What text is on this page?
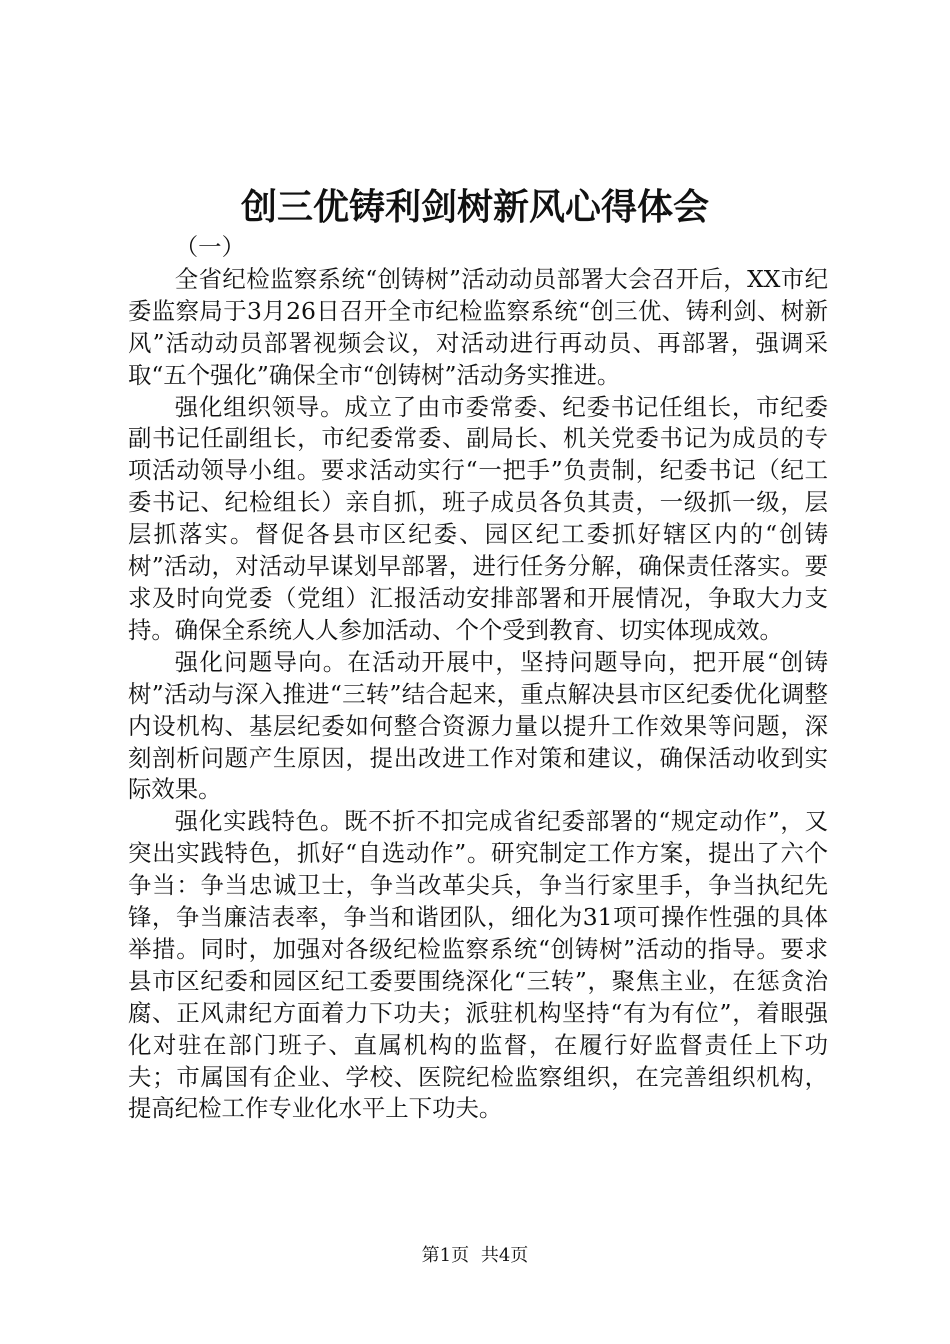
创三优铸利剑树新风心得体会

（一）

全省纪检监察系统“创铸树”活动动员部署大会召开后，XX市纪委监察局于3月26日召开全市纪检监察系统“创三优、铸利剑、树新风”活动动员部署视频会议，对活动进行再动员、再部署，强调采取“五个强化”确保全市“创铸树”活动务实推进。

强化组织领导。成立了由市委常委、纪委书记任组长，市纪委副书记任副组长，市纪委常委、副局长、机关党委书记为成员的专项活动领导小组。要求活动实行“一把手”负责制，纪委书记（纪工委书记、纪检组长）亲自抓，班子成员各负其责，一级抓一级，层层抓落实。督促各县市区纪委、园区纪工委抓好辖区内的“创铸树”活动，对活动早谋划早部署，进行任务分解，确保责任落实。要求及时向党委（党组）汇报活动安排部署和开展情况，争取大力支持。确保全系统人人参加活动、个个受到教育、切实体现成效。

强化问题导向。在活动开展中，坚持问题导向，把开展“创铸树”活动与深入推进“三转”结合起来，重点解决县市区纪委优化调整内设机构、基层纪委如何整合资源力量以提升工作效果等问题，深刻剖析问题产生原因，提出改进工作对策和建议，确保活动收到实际效果。

强化实践特色。既不折不扣完成省纪委部署的“规定动作”，又突出实践特色，抓好“自选动作”。研究制定工作方案，提出了六个争当：争当忠诚卫士，争当改革尖兵，争当行家里手，争当执纪先锋，争当廉洁表率，争当和谐团队，细化为31项可操作性强的具体举措。同时，加强对各级纪检监察系统“创铸树”活动的指导。要求县市区纪委和园区纪工委要围绕深化“三转”，聚焦主业，在惩贪治腐、正风肃纪方面着力下功夫；派驻机构坚持“有为有位”，着眼强化对驻在部门班子、直属机构的监督，在履行好监督责任上下功夫；市属国有企业、学校、医院纪检监察组织，在完善组织机构，提高纪检工作专业化水平上下功夫。

第1页 共4页
